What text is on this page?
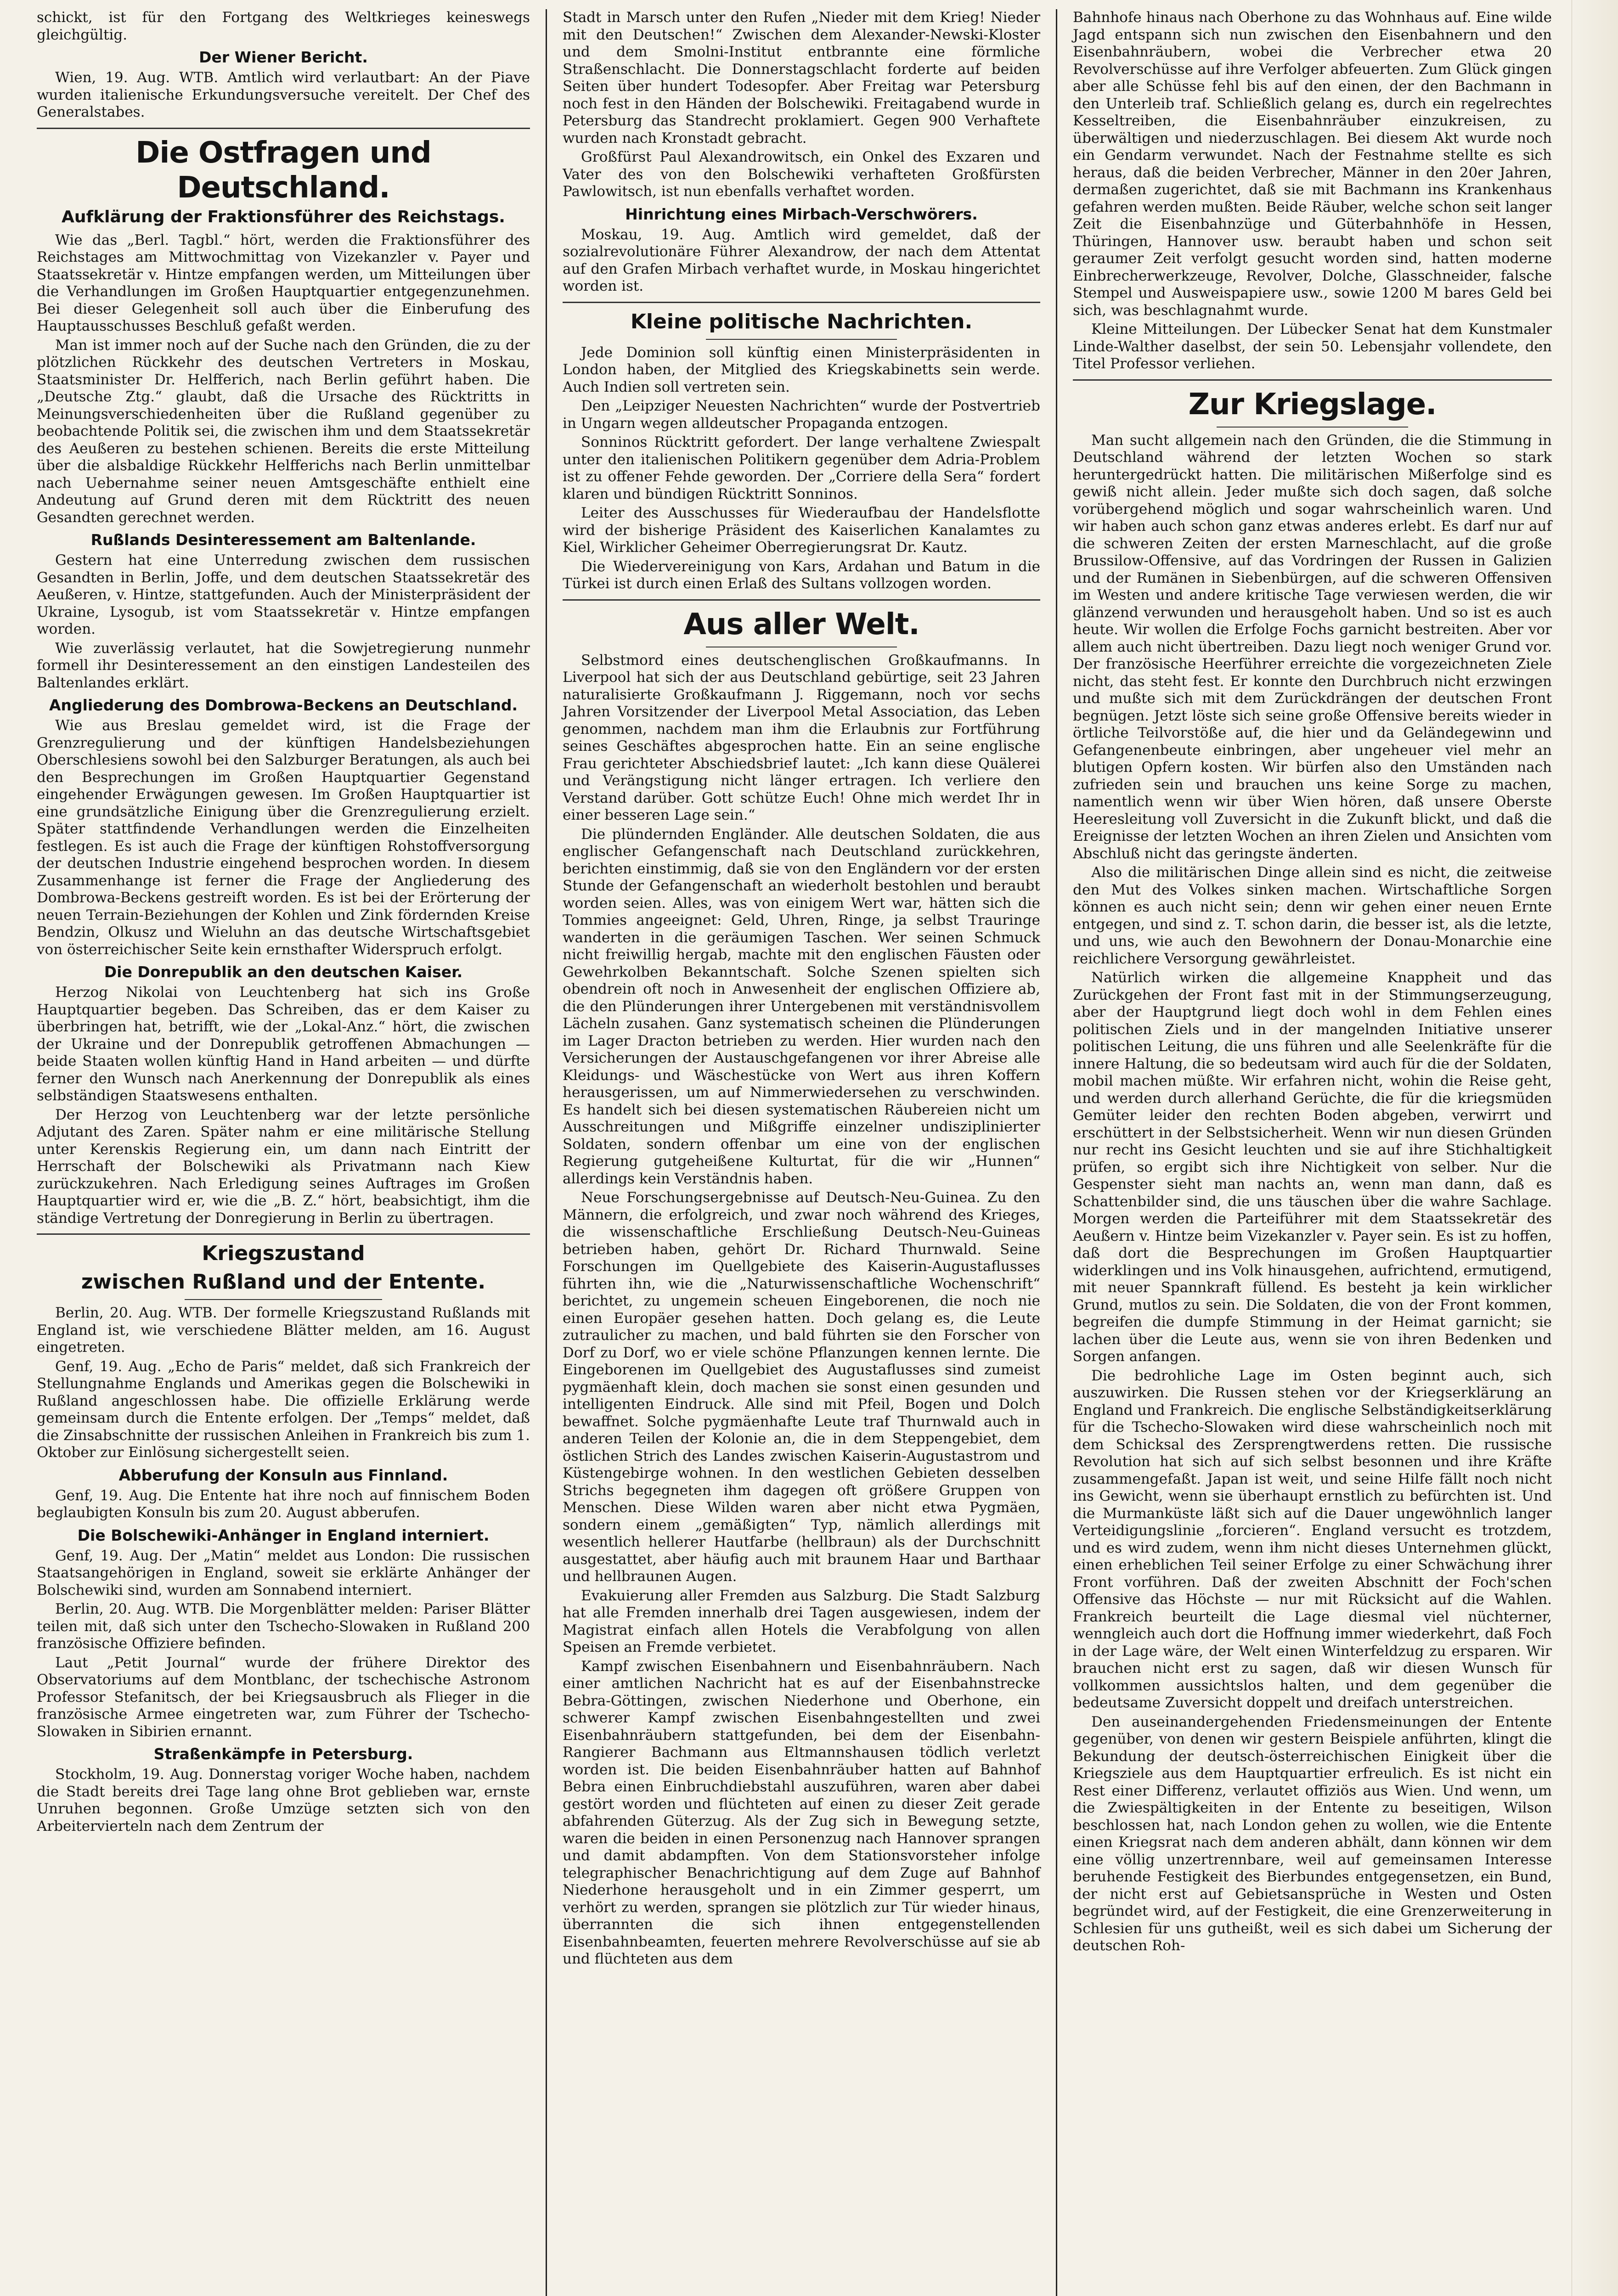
schickt, ist für den Fortgang des Weltkrieges keineswegs gleichgültig.

Der Wiener Bericht.

Wien, 19. Aug. WTB. Amtlich wird verlautbart: An der Piave wurden italienische Erkundungsversuche vereitelt. Der Chef des Generalstabes.

Die Ostfragen und Deutschland.
Aufklärung der Fraktionsführer des Reichstags.

Wie das „Berl. Tagbl.“ hört, werden die Fraktionsführer des Reichstages am Mittwochmittag von Vizekanzler v. Payer und Staatssekretär v. Hintze empfangen werden, um Mitteilungen über die Verhandlungen im Großen Hauptquartier entgegenzunehmen. Bei dieser Gelegenheit soll auch über die Einberufung des Hauptausschusses Beschluß gefaßt werden.

Man ist immer noch auf der Suche nach den Gründen, die zu der plötzlichen Rückkehr des deutschen Vertreters in Moskau, Staatsminister Dr. Helfferich, nach Berlin geführt haben. Die „Deutsche Ztg.“ glaubt, daß die Ursache des Rücktritts in Meinungsverschiedenheiten über die Rußland gegenüber zu beobachtende Politik sei, die zwischen ihm und dem Staatssekretär des Aeußeren zu bestehen schienen. Bereits die erste Mitteilung über die alsbaldige Rückkehr Helfferichs nach Berlin unmittelbar nach Uebernahme seiner neuen Amtsgeschäfte enthielt eine Andeutung auf Grund deren mit dem Rücktritt des neuen Gesandten gerechnet werden.

Rußlands Desinteressement am Baltenlande.

Gestern hat eine Unterredung zwischen dem russischen Gesandten in Berlin, Joffe, und dem deutschen Staatssekretär des Aeußeren, v. Hintze, stattgefunden. Auch der Ministerpräsident der Ukraine, Lysogub, ist vom Staatssekretär v. Hintze empfangen worden.

Wie zuverlässig verlautet, hat die Sowjetregierung nunmehr formell ihr Desinteressement an den einstigen Landesteilen des Baltenlandes erklärt.

Angliederung des Dombrowa-Beckens an Deutschland.

Wie aus Breslau gemeldet wird, ist die Frage der Grenzregulierung und der künftigen Handelsbeziehungen Oberschlesiens sowohl bei den Salzburger Beratungen, als auch bei den Besprechungen im Großen Hauptquartier Gegenstand eingehender Erwägungen gewesen. Im Großen Hauptquartier ist eine grundsätzliche Einigung über die Grenzregulierung erzielt. Später stattfindende Verhandlungen werden die Einzelheiten festlegen. Es ist auch die Frage der künftigen Rohstoffversorgung der deutschen Industrie eingehend besprochen worden. In diesem Zusammenhange ist ferner die Frage der Angliederung des Dombrowa-Beckens gestreift worden. Es ist bei der Erörterung der neuen Terrain-Beziehungen der Kohlen und Zink fördernden Kreise Bendzin, Olkusz und Wieluhn an das deutsche Wirtschaftsgebiet von österreichischer Seite kein ernsthafter Widerspruch erfolgt.

Die Donrepublik an den deutschen Kaiser.

Herzog Nikolai von Leuchtenberg hat sich ins Große Hauptquartier begeben. Das Schreiben, das er dem Kaiser zu überbringen hat, betrifft, wie der „Lokal-Anz.“ hört, die zwischen der Ukraine und der Donrepublik getroffenen Abmachungen — beide Staaten wollen künftig Hand in Hand arbeiten — und dürfte ferner den Wunsch nach Anerkennung der Donrepublik als eines selbständigen Staatswesens enthalten.

Der Herzog von Leuchtenberg war der letzte persönliche Adjutant des Zaren. Später nahm er eine militärische Stellung unter Kerenskis Regierung ein, um dann nach Eintritt der Herrschaft der Bolschewiki als Privatmann nach Kiew zurückzukehren. Nach Erledigung seines Auftrages im Großen Hauptquartier wird er, wie die „B. Z.“ hört, beabsichtigt, ihm die ständige Vertretung der Donregierung in Berlin zu übertragen.

Kriegszustand
zwischen Rußland und der Entente.

Berlin, 20. Aug. WTB. Der formelle Kriegszustand Rußlands mit England ist, wie verschiedene Blätter melden, am 16. August eingetreten.

Genf, 19. Aug. „Echo de Paris“ meldet, daß sich Frankreich der Stellungnahme Englands und Amerikas gegen die Bolschewiki in Rußland angeschlossen habe. Die offizielle Erklärung werde gemeinsam durch die Entente erfolgen. Der „Temps“ meldet, daß die Zinsabschnitte der russischen Anleihen in Frankreich bis zum 1. Oktober zur Einlösung sichergestellt seien.

Abberufung der Konsuln aus Finnland.

Genf, 19. Aug. Die Entente hat ihre noch auf finnischem Boden beglaubigten Konsuln bis zum 20. August abberufen.

Die Bolschewiki-Anhänger in England interniert.

Genf, 19. Aug. Der „Matin“ meldet aus London: Die russischen Staatsangehörigen in England, soweit sie erklärte Anhänger der Bolschewiki sind, wurden am Sonnabend interniert.

Berlin, 20. Aug. WTB. Die Morgenblätter melden: Pariser Blätter teilen mit, daß sich unter den Tschecho-Slowaken in Rußland 200 französische Offiziere befinden.

Laut „Petit Journal“ wurde der frühere Direktor des Observatoriums auf dem Montblanc, der tschechische Astronom Professor Stefanitsch, der bei Kriegsausbruch als Flieger in die französische Armee eingetreten war, zum Führer der Tschecho-Slowaken in Sibirien ernannt.

Straßenkämpfe in Petersburg.

Stockholm, 19. Aug. Donnerstag voriger Woche haben, nachdem die Stadt bereits drei Tage lang ohne Brot geblieben war, ernste Unruhen begonnen. Große Umzüge setzten sich von den Arbeitervierteln nach dem Zentrum der

Stadt in Marsch unter den Rufen „Nieder mit dem Krieg! Nieder mit den Deutschen!“ Zwischen dem Alexander-Newski-Kloster und dem Smolni-Institut entbrannte eine förmliche Straßenschlacht. Die Donnerstagschlacht forderte auf beiden Seiten über hundert Todesopfer. Aber Freitag war Petersburg noch fest in den Händen der Bolschewiki. Freitagabend wurde in Petersburg das Standrecht proklamiert. Gegen 900 Verhaftete wurden nach Kronstadt gebracht.

Großfürst Paul Alexandrowitsch, ein Onkel des Exzaren und Vater des von den Bolschewiki verhafteten Großfürsten Pawlowitsch, ist nun ebenfalls verhaftet worden.

Hinrichtung eines Mirbach-Verschwörers.

Moskau, 19. Aug. Amtlich wird gemeldet, daß der sozialrevolutionäre Führer Alexandrow, der nach dem Attentat auf den Grafen Mirbach verhaftet wurde, in Moskau hingerichtet worden ist.

Kleine politische Nachrichten.

Jede Dominion soll künftig einen Ministerpräsidenten in London haben, der Mitglied des Kriegskabinetts sein werde. Auch Indien soll vertreten sein.

Den „Leipziger Neuesten Nachrichten“ wurde der Postvertrieb in Ungarn wegen alldeutscher Propaganda entzogen.

Sonninos Rücktritt gefordert. Der lange verhaltene Zwiespalt unter den italienischen Politikern gegenüber dem Adria-Problem ist zu offener Fehde geworden. Der „Corriere della Sera“ fordert klaren und bündigen Rücktritt Sonninos.

Leiter des Ausschusses für Wiederaufbau der Handelsflotte wird der bisherige Präsident des Kaiserlichen Kanalamtes zu Kiel, Wirklicher Geheimer Oberregierungsrat Dr. Kautz.

Die Wiedervereinigung von Kars, Ardahan und Batum in die Türkei ist durch einen Erlaß des Sultans vollzogen worden.

Aus aller Welt.

Selbstmord eines deutschenglischen Großkaufmanns. In Liverpool hat sich der aus Deutschland gebürtige, seit 23 Jahren naturalisierte Großkaufmann J. Riggemann, noch vor sechs Jahren Vorsitzender der Liverpool Metal Association, das Leben genommen, nachdem man ihm die Erlaubnis zur Fortführung seines Geschäftes abgesprochen hatte. Ein an seine englische Frau gerichteter Abschiedsbrief lautet: „Ich kann diese Quälerei und Verängstigung nicht länger ertragen. Ich verliere den Verstand darüber. Gott schütze Euch! Ohne mich werdet Ihr in einer besseren Lage sein.“

Die plündernden Engländer. Alle deutschen Soldaten, die aus englischer Gefangenschaft nach Deutschland zurückkehren, berichten einstimmig, daß sie von den Engländern vor der ersten Stunde der Gefangenschaft an wiederholt bestohlen und beraubt worden seien. Alles, was von einigem Wert war, hätten sich die Tommies angeeignet: Geld, Uhren, Ringe, ja selbst Trauringe wanderten in die geräumigen Taschen. Wer seinen Schmuck nicht freiwillig hergab, machte mit den englischen Fäusten oder Gewehrkolben Bekanntschaft. Solche Szenen spielten sich obendrein oft noch in Anwesenheit der englischen Offiziere ab, die den Plünderungen ihrer Untergebenen mit verständnisvollem Lächeln zusahen. Ganz systematisch scheinen die Plünderungen im Lager Dracton betrieben zu werden. Hier wurden nach den Versicherungen der Austauschgefangenen vor ihrer Abreise alle Kleidungs- und Wäschestücke von Wert aus ihren Koffern herausgerissen, um auf Nimmerwiedersehen zu verschwinden. Es handelt sich bei diesen systematischen Räubereien nicht um Ausschreitungen und Mißgriffe einzelner undisziplinierter Soldaten, sondern offenbar um eine von der englischen Regierung gutgeheißene Kulturtat, für die wir „Hunnen“ allerdings kein Verständnis haben.

Neue Forschungsergebnisse auf Deutsch-Neu-Guinea. Zu den Männern, die erfolgreich, und zwar noch während des Krieges, die wissenschaftliche Erschließung Deutsch-Neu-Guineas betrieben haben, gehört Dr. Richard Thurnwald. Seine Forschungen im Quellgebiete des Kaiserin-Augustaflusses führten ihn, wie die „Naturwissenschaftliche Wochenschrift“ berichtet, zu ungemein scheuen Eingeborenen, die noch nie einen Europäer gesehen hatten. Doch gelang es, die Leute zutraulicher zu machen, und bald führten sie den Forscher von Dorf zu Dorf, wo er viele schöne Pflanzungen kennen lernte. Die Eingeborenen im Quellgebiet des Augustaflusses sind zumeist pygmäenhaft klein, doch machen sie sonst einen gesunden und intelligenten Eindruck. Alle sind mit Pfeil, Bogen und Dolch bewaffnet. Solche pygmäenhafte Leute traf Thurnwald auch in anderen Teilen der Kolonie an, die in dem Steppengebiet, dem östlichen Strich des Landes zwischen Kaiserin-Augustastrom und Küstengebirge wohnen. In den westlichen Gebieten desselben Strichs begegneten ihm dagegen oft größere Gruppen von Menschen. Diese Wilden waren aber nicht etwa Pygmäen, sondern einem „gemäßigten“ Typ, nämlich allerdings mit wesentlich hellerer Hautfarbe (hellbraun) als der Durchschnitt ausgestattet, aber häufig auch mit braunem Haar und Barthaar und hellbraunen Augen.

Evakuierung aller Fremden aus Salzburg. Die Stadt Salzburg hat alle Fremden innerhalb drei Tagen ausgewiesen, indem der Magistrat einfach allen Hotels die Verabfolgung von allen Speisen an Fremde verbietet.

Kampf zwischen Eisenbahnern und Eisenbahnräubern. Nach einer amtlichen Nachricht hat es auf der Eisenbahnstrecke Bebra-Göttingen, zwischen Niederhone und Oberhone, ein schwerer Kampf zwischen Eisenbahngestellten und zwei Eisenbahnräubern stattgefunden, bei dem der Eisenbahn-Rangierer Bachmann aus Eltmannshausen tödlich verletzt worden ist. Die beiden Eisenbahnräuber hatten auf Bahnhof Bebra einen Einbruchdiebstahl auszuführen, waren aber dabei gestört worden und flüchteten auf einen zu dieser Zeit gerade abfahrenden Güterzug. Als der Zug sich in Bewegung setzte, waren die beiden in einen Personenzug nach Hannover sprangen und damit abdampften. Von dem Stationsvorsteher infolge telegraphischer Benachrichtigung auf dem Zuge auf Bahnhof Niederhone herausgeholt und in ein Zimmer gesperrt, um verhört zu werden, sprangen sie plötzlich zur Tür wieder hinaus, überrannten die sich ihnen entgegenstellenden Eisenbahnbeamten, feuerten mehrere Revolverschüsse auf sie ab und flüchteten aus dem

Bahnhofe hinaus nach Oberhone zu das Wohnhaus auf. Eine wilde Jagd entspann sich nun zwischen den Eisenbahnern und den Eisenbahnräubern, wobei die Verbrecher etwa 20 Revolverschüsse auf ihre Verfolger abfeuerten. Zum Glück gingen aber alle Schüsse fehl bis auf den einen, der den Bachmann in den Unterleib traf. Schließlich gelang es, durch ein regelrechtes Kesseltreiben, die Eisenbahnräuber einzukreisen, zu überwältigen und niederzuschlagen. Bei diesem Akt wurde noch ein Gendarm verwundet. Nach der Festnahme stellte es sich heraus, daß die beiden Verbrecher, Männer in den 20er Jahren, dermaßen zugerichtet, daß sie mit Bachmann ins Krankenhaus gefahren werden mußten. Beide Räuber, welche schon seit langer Zeit die Eisenbahnzüge und Güterbahnhöfe in Hessen, Thüringen, Hannover usw. beraubt haben und schon seit geraumer Zeit verfolgt gesucht worden sind, hatten moderne Einbrecherwerkzeuge, Revolver, Dolche, Glasschneider, falsche Stempel und Ausweispapiere usw., sowie 1200 M bares Geld bei sich, was beschlagnahmt wurde.

Kleine Mitteilungen. Der Lübecker Senat hat dem Kunstmaler Linde-Walther daselbst, der sein 50. Lebensjahr vollendete, den Titel Professor verliehen.

Zur Kriegslage.

Man sucht allgemein nach den Gründen, die die Stimmung in Deutschland während der letzten Wochen so stark heruntergedrückt hatten. Die militärischen Mißerfolge sind es gewiß nicht allein. Jeder mußte sich doch sagen, daß solche vorübergehend möglich und sogar wahrscheinlich waren. Und wir haben auch schon ganz etwas anderes erlebt. Es darf nur auf die schweren Zeiten der ersten Marneschlacht, auf die große Brussilow-Offensive, auf das Vordringen der Russen in Galizien und der Rumänen in Siebenbürgen, auf die schweren Offensiven im Westen und andere kritische Tage verwiesen werden, die wir glänzend verwunden und herausgeholt haben. Und so ist es auch heute. Wir wollen die Erfolge Fochs garnicht bestreiten. Aber vor allem auch nicht übertreiben. Dazu liegt noch weniger Grund vor. Der französische Heerführer erreichte die vorgezeichneten Ziele nicht, das steht fest. Er konnte den Durchbruch nicht erzwingen und mußte sich mit dem Zurückdrängen der deutschen Front begnügen. Jetzt löste sich seine große Offensive bereits wieder in örtliche Teilvorstöße auf, die hier und da Geländegewinn und Gefangenenbeute einbringen, aber ungeheuer viel mehr an blutigen Opfern kosten. Wir bürfen also den Umständen nach zufrieden sein und brauchen uns keine Sorge zu machen, namentlich wenn wir über Wien hören, daß unsere Oberste Heeresleitung voll Zuversicht in die Zukunft blickt, und daß die Ereignisse der letzten Wochen an ihren Zielen und Ansichten vom Abschluß nicht das geringste änderten.

Also die militärischen Dinge allein sind es nicht, die zeitweise den Mut des Volkes sinken machen. Wirtschaftliche Sorgen können es auch nicht sein; denn wir gehen einer neuen Ernte entgegen, und sind z. T. schon darin, die besser ist, als die letzte, und uns, wie auch den Bewohnern der Donau-Monarchie eine reichlichere Versorgung gewährleistet.

Natürlich wirken die allgemeine Knappheit und das Zurückgehen der Front fast mit in der Stimmungserzeugung, aber der Hauptgrund liegt doch wohl in dem Fehlen eines politischen Ziels und in der mangelnden Initiative unserer politischen Leitung, die uns führen und alle Seelenkräfte für die innere Haltung, die so bedeutsam wird auch für die der Soldaten, mobil machen müßte. Wir erfahren nicht, wohin die Reise geht, und werden durch allerhand Gerüchte, die für die kriegsmüden Gemüter leider den rechten Boden abgeben, verwirrt und erschüttert in der Selbstsicherheit. Wenn wir nun diesen Gründen nur recht ins Gesicht leuchten und sie auf ihre Stichhaltigkeit prüfen, so ergibt sich ihre Nichtigkeit von selber. Nur die Gespenster sieht man nachts an, wenn man dann, daß es Schattenbilder sind, die uns täuschen über die wahre Sachlage. Morgen werden die Parteiführer mit dem Staatssekretär des Aeußern v. Hintze beim Vizekanzler v. Payer sein. Es ist zu hoffen, daß dort die Besprechungen im Großen Hauptquartier widerklingen und ins Volk hinausgehen, aufrichtend, ermutigend, mit neuer Spannkraft füllend. Es besteht ja kein wirklicher Grund, mutlos zu sein. Die Soldaten, die von der Front kommen, begreifen die dumpfe Stimmung in der Heimat garnicht; sie lachen über die Leute aus, wenn sie von ihren Bedenken und Sorgen anfangen.

Die bedrohliche Lage im Osten beginnt auch, sich auszuwirken. Die Russen stehen vor der Kriegserklärung an England und Frankreich. Die englische Selbständigkeitserklärung für die Tschecho-Slowaken wird diese wahrscheinlich noch mit dem Schicksal des Zersprengtwerdens retten. Die russische Revolution hat sich auf sich selbst besonnen und ihre Kräfte zusammengefaßt. Japan ist weit, und seine Hilfe fällt noch nicht ins Gewicht, wenn sie überhaupt ernstlich zu befürchten ist. Und die Murmanküste läßt sich auf die Dauer ungewöhnlich langer Verteidigungslinie „forcieren“. England versucht es trotzdem, und es wird zudem, wenn ihm nicht dieses Unternehmen glückt, einen erheblichen Teil seiner Erfolge zu einer Schwächung ihrer Front vorführen. Daß der zweiten Abschnitt der Foch'schen Offensive das Höchste — nur mit Rücksicht auf die Wahlen. Frankreich beurteilt die Lage diesmal viel nüchterner, wenngleich auch dort die Hoffnung immer wiederkehrt, daß Foch in der Lage wäre, der Welt einen Winterfeldzug zu ersparen. Wir brauchen nicht erst zu sagen, daß wir diesen Wunsch für vollkommen aussichtslos halten, und dem gegenüber die bedeutsame Zuversicht doppelt und dreifach unterstreichen.

Den auseinandergehenden Friedensmeinungen der Entente gegenüber, von denen wir gestern Beispiele anführten, klingt die Bekundung der deutsch-österreichischen Einigkeit über die Kriegsziele aus dem Hauptquartier erfreulich. Es ist nicht ein Rest einer Differenz, verlautet offiziös aus Wien. Und wenn, um die Zwiespältigkeiten in der Entente zu beseitigen, Wilson beschlossen hat, nach London gehen zu wollen, wie die Entente einen Kriegsrat nach dem anderen abhält, dann können wir dem eine völlig unzertrennbare, weil auf gemeinsamen Interesse beruhende Festigkeit des Bierbundes entgegensetzen, ein Bund, der nicht erst auf Gebietsansprüche in Westen und Osten begründet wird, auf der Festigkeit, die eine Grenzerweiterung in Schlesien für uns gutheißt, weil es sich dabei um Sicherung der deutschen Roh-
